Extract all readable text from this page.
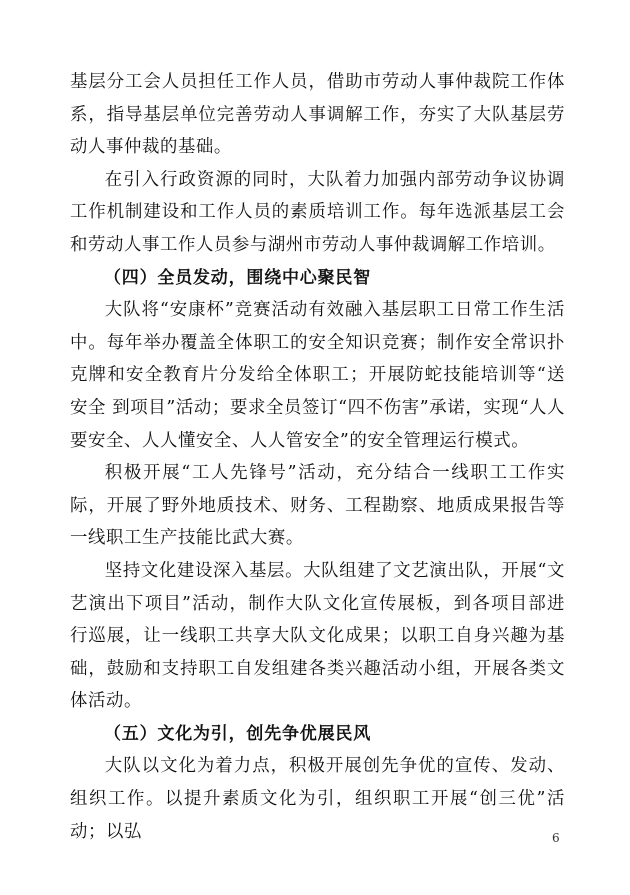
基层分工会人员担任工作人员，借助市劳动人事仲裁院工作体系，指导基层单位完善劳动人事调解工作，夯实了大队基层劳动人事仲裁的基础。

在引入行政资源的同时，大队着力加强内部劳动争议协调工作机制建设和工作人员的素质培训工作。每年选派基层工会和劳动人事工作人员参与湖州市劳动人事仲裁调解工作培训。

（四）全员发动，围绕中心聚民智

大队将“安康杯”竞赛活动有效融入基层职工日常工作生活中。每年举办覆盖全体职工的安全知识竞赛；制作安全常识扑克牌和安全教育片分发给全体职工；开展防蛇技能培训等“送安全 到项目”活动；要求全员签订“四不伤害”承诺，实现“人人要安全、人人懂安全、人人管安全”的安全管理运行模式。

积极开展“工人先锋号”活动，充分结合一线职工工作实际，开展了野外地质技术、财务、工程勘察、地质成果报告等一线职工生产技能比武大赛。

坚持文化建设深入基层。大队组建了文艺演出队，开展“文艺演出下项目”活动，制作大队文化宣传展板，到各项目部进行巡展，让一线职工共享大队文化成果；以职工自身兴趣为基础，鼓励和支持职工自发组建各类兴趣活动小组，开展各类文体活动。

（五）文化为引，创先争优展民风

大队以文化为着力点，积极开展创先争优的宣传、发动、组织工作。以提升素质文化为引，组织职工开展“创三优”活动；以弘	6
